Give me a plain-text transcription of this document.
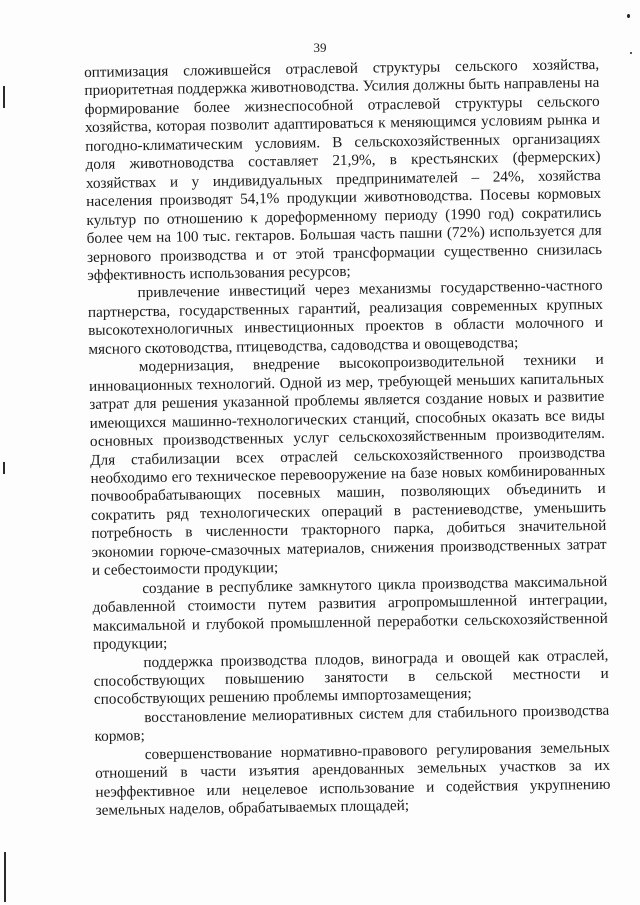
39

оптимизация сложившейся отраслевой структуры сельского хозяйства, приоритетная поддержка животноводства. Усилия должны быть направлены на формирование более жизнеспособной отраслевой структуры сельского хозяйства, которая позволит адаптироваться к меняющимся условиям рынка и погодно-климатическим условиям. В сельскохозяйственных организациях доля животноводства составляет 21,9%, в крестьянских (фермерских) хозяйствах и у индивидуальных предпринимателей – 24%, хозяйства населения производят 54,1% продукции животноводства. Посевы кормовых культур по отношению к дореформенному периоду (1990 год) сократились более чем на 100 тыс. гектаров. Большая часть пашни (72%) используется для зернового производства и от этой трансформации существенно снизилась эффективность использования ресурсов;

привлечение инвестиций через механизмы государственно-частного партнерства, государственных гарантий, реализация современных крупных высокотехнологичных инвестиционных проектов в области молочного и мясного скотоводства, птицеводства, садоводства и овощеводства;

модернизация, внедрение высокопроизводительной техники и инновационных технологий. Одной из мер, требующей меньших капитальных затрат для решения указанной проблемы является создание новых и развитие имеющихся машинно-технологических станций, способных оказать все виды основных производственных услуг сельскохозяйственным производителям. Для стабилизации всех отраслей сельскохозяйственного производства необходимо его техническое перевооружение на базе новых комбинированных почвообрабатывающих посевных машин, позволяющих объединить и сократить ряд технологических операций в растениеводстве, уменьшить потребность в численности тракторного парка, добиться значительной экономии горюче-смазочных материалов, снижения производственных затрат и себестоимости продукции;

создание в республике замкнутого цикла производства максимальной добавленной стоимости путем развития агропромышленной интеграции, максимальной и глубокой промышленной переработки сельскохозяйственной продукции;

поддержка производства плодов, винограда и овощей как отраслей, способствующих повышению занятости в сельской местности и способствующих решению проблемы импортозамещения;

восстановление мелиоративных систем для стабильного производства кормов;

совершенствование нормативно-правового регулирования земельных отношений в части изъятия арендованных земельных участков за их неэффективное или нецелевое использование и содействия укрупнению земельных наделов, обрабатываемых площадей;
